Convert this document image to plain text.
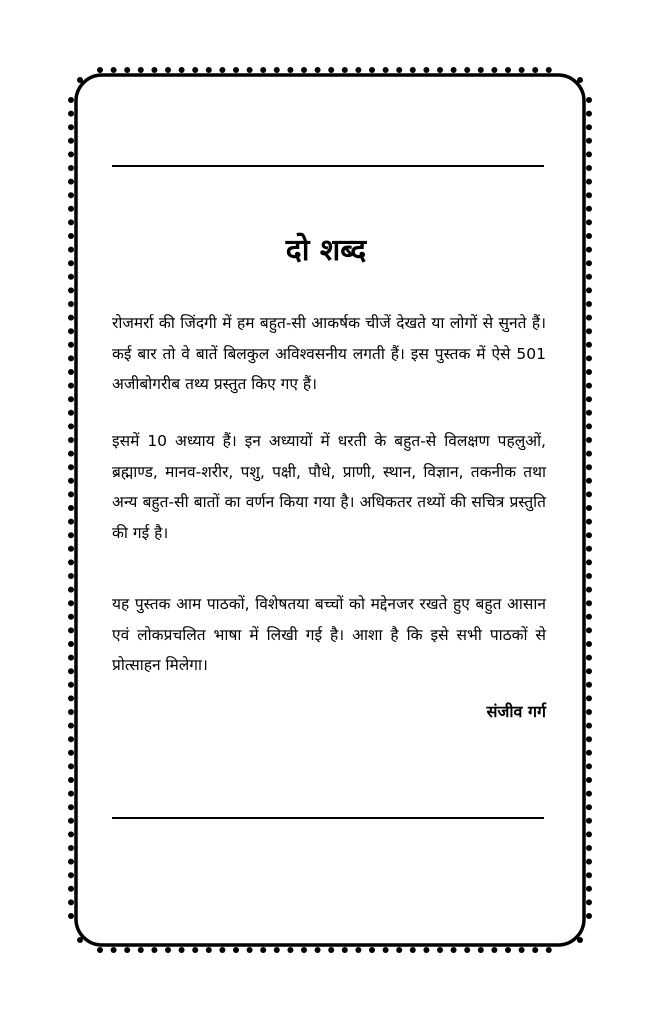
दो शब्द
रोजमर्रा की जिंदगी में हम बहुत-सी आकर्षक चीजें देखते या लोगों से सुनते हैं। कई बार तो वे बातें बिलकुल अविश्वसनीय लगती हैं। इस पुस्तक में ऐसे 501 अजीबोगरीब तथ्य प्रस्तुत किए गए हैं।
इसमें 10 अध्याय हैं। इन अध्यायों में धरती के बहुत-से विलक्षण पहलुओं, ब्रह्माण्ड, मानव-शरीर, पशु, पक्षी, पौधे, प्राणी, स्थान, विज्ञान, तकनीक तथा अन्य बहुत-सी बातों का वर्णन किया गया है। अधिकतर तथ्यों की सचित्र प्रस्तुति की गई है।
यह पुस्तक आम पाठकों, विशेषतया बच्चों को मद्देनजर रखते हुए बहुत आसान एवं लोकप्रचलित भाषा में लिखी गई है। आशा है कि इसे सभी पाठकों से प्रोत्साहन मिलेगा।
संजीव गर्ग
